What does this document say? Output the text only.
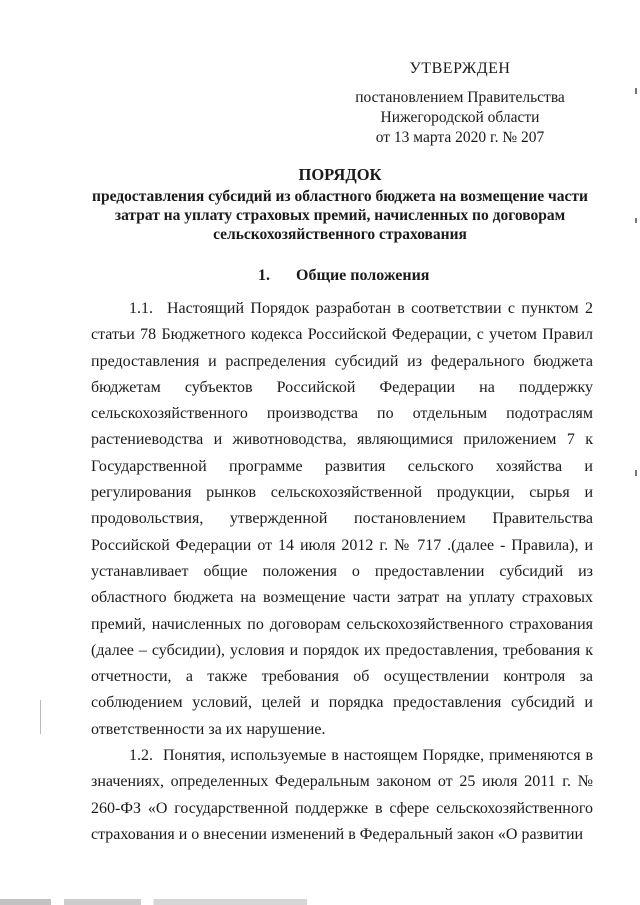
УТВЕРЖДЕН
постановлением Правительства
Нижегородской области
от 13 марта 2020 г. № 207
ПОРЯДОК
предоставления субсидий из областного бюджета на возмещение части затрат на уплату страховых премий, начисленных по договорам сельскохозяйственного страхования
1. Общие положения

1.1. Настоящий Порядок разработан в соответствии с пунктом 2 статьи 78 Бюджетного кодекса Российской Федерации, с учетом Правил предоставления и распределения субсидий из федерального бюджета бюджетам субъектов Российской Федерации на поддержку сельскохозяйственного производства по отдельным подотраслям растениеводства и животноводства, являющимися приложением 7 к Государственной программе развития сельского хозяйства и регулирования рынков сельскохозяйственной продукции, сырья и продовольствия, утвержденной постановлением Правительства Российской Федерации от 14 июля 2012 г. № 717 .(далее - Правила), и устанавливает общие положения о предоставлении субсидий из областного бюджета на возмещение части затрат на уплату страховых премий, начисленных по договорам сельскохозяйственного страхования (далее – субсидии), условия и порядок их предоставления, требования к отчетности, а также требования об осуществлении контроля за соблюдением условий, целей и порядка предоставления субсидий и ответственности за их нарушение.

1.2. Понятия, используемые в настоящем Порядке, применяются в значениях, определенных Федеральным законом от 25 июля 2011 г. № 260-ФЗ «О государственной поддержке в сфере сельскохозяйственного страхования и о внесении изменений в Федеральный закон «О развитии
